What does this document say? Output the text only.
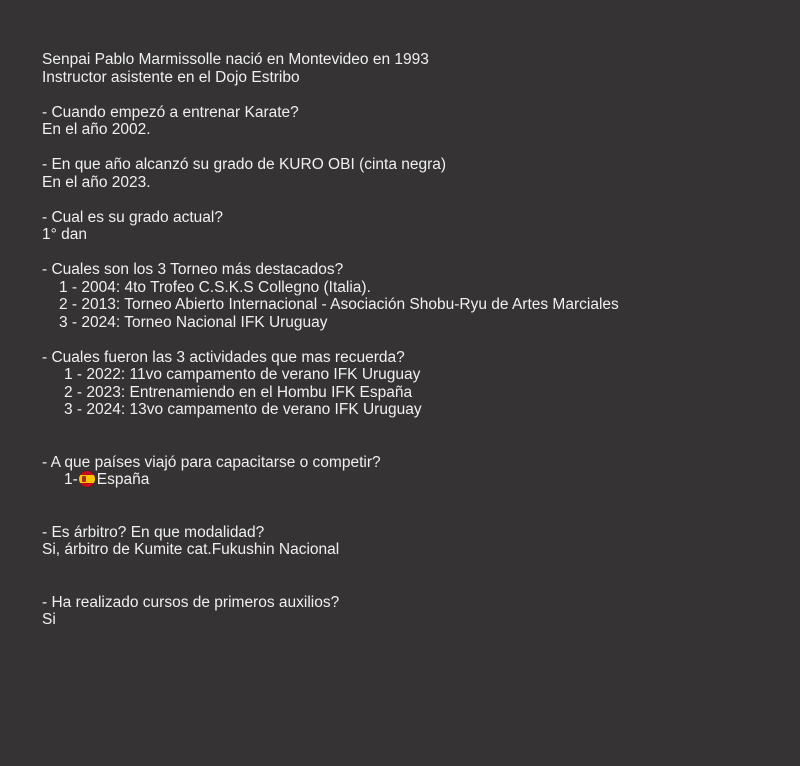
Senpai Pablo Marmissolle nació en Montevideo en 1993
Instructor asistente en el Dojo Estribo
- Cuando empezó a entrenar Karate?
En el año 2002.
- En que año alcanzó su grado de KURO OBI (cinta negra)
En el año 2023.
- Cual es su grado actual?
1° dan
- Cuales son los 3 Torneo más destacados?
1 - 2004: 4to Trofeo C.S.K.S Collegno (Italia).
2 - 2013: Torneo Abierto Internacional - Asociación Shobu-Ryu de Artes Marciales
3 - 2024: Torneo Nacional IFK Uruguay
- Cuales fueron las 3 actividades que mas recuerda?
1 - 2022: 11vo campamento de verano IFK Uruguay
2 - 2023: Entrenamiendo en el Hombu IFK España
3 - 2024: 13vo campamento de verano IFK Uruguay
- A que países viajó para capacitarse o competir?
1- España
- Es árbitro? En que modalidad?
Si, árbitro de Kumite cat.Fukushin Nacional
- Ha realizado cursos de primeros auxilios?
Si
